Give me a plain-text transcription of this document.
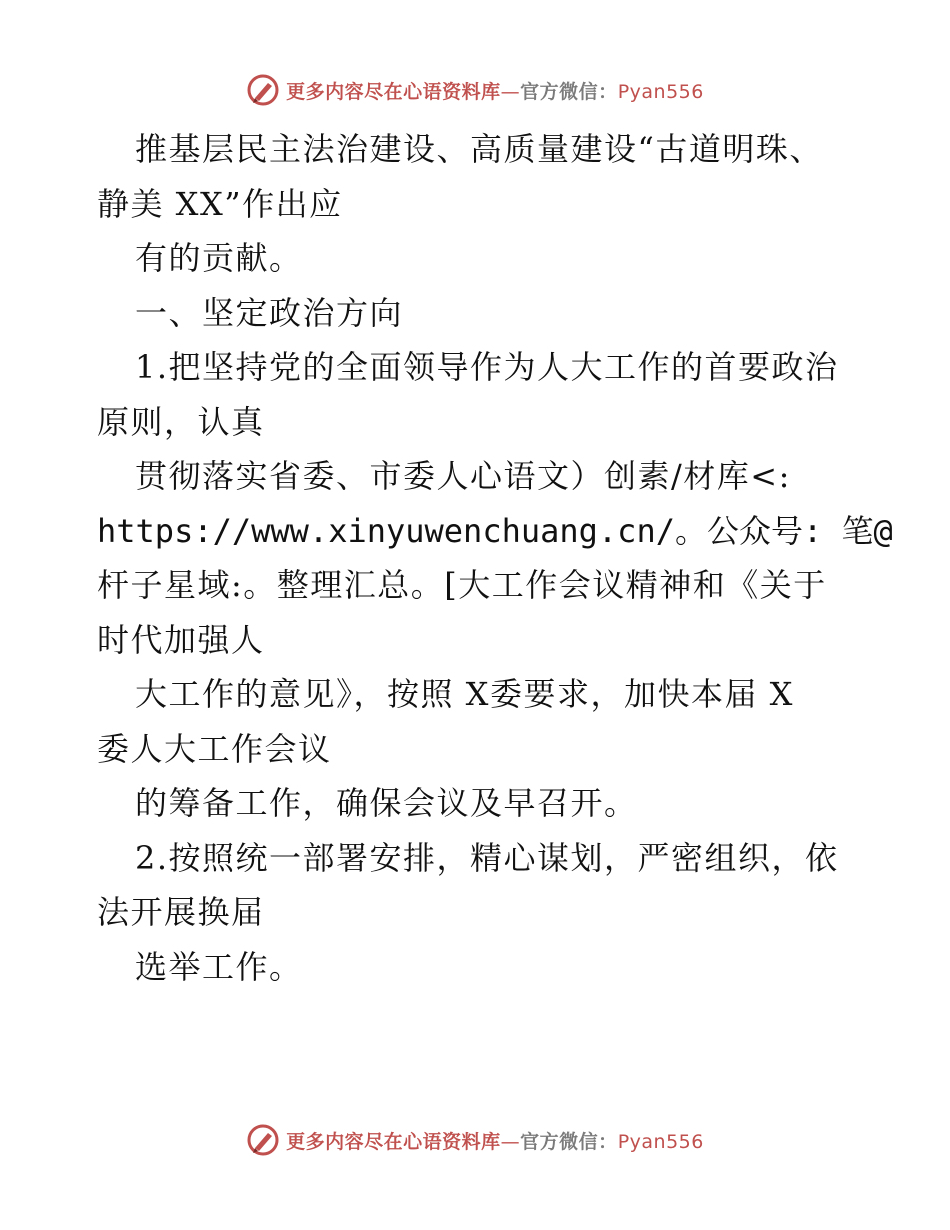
更多内容尽在心语资料库—官方微信：Pyan556
推基层民主法治建设、高质量建设“古道明珠、
静美 XX”作出应
有的贡献。
一、坚定政治方向
1.把坚持党的全面领导作为人大工作的首要政治
原则，认真
贯彻落实省委、市委人心语文）创素/材库<:
https://www.xinyuwenchuang.cn/。公众号: 笔@
杆子星域:。整理汇总。[大工作会议精神和《关于
时代加强人
大工作的意见》，按照 X委要求，加快本届 X
委人大工作会议
的筹备工作，确保会议及早召开。
2.按照统一部署安排，精心谋划，严密组织，依
法开展换届
选举工作。
更多内容尽在心语资料库—官方微信：Pyan556
